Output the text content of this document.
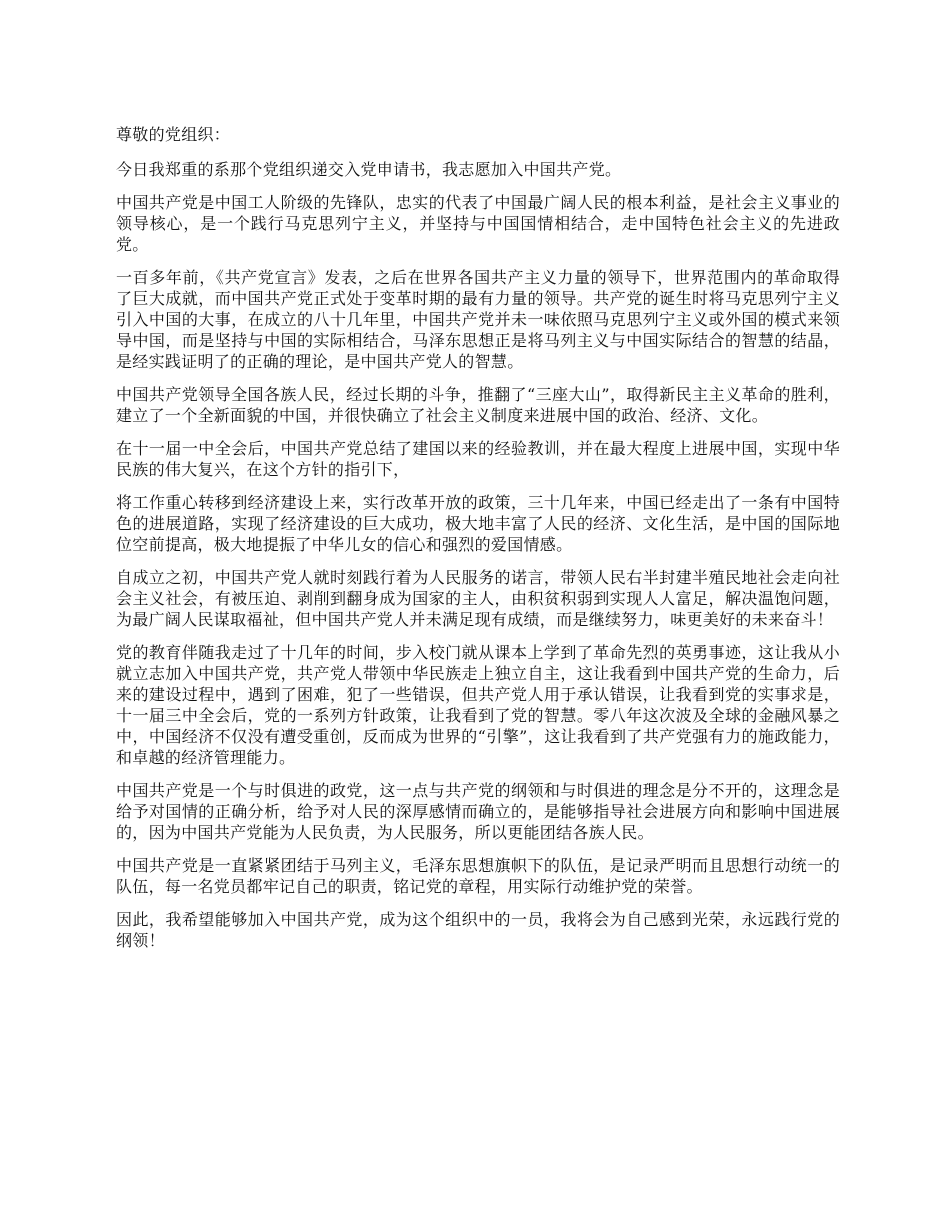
尊敬的党组织：

今日我郑重的系那个党组织递交入党申请书，我志愿加入中国共产党。

中国共产党是中国工人阶级的先锋队，忠实的代表了中国最广阔人民的根本利益，是社会主义事业的领导核心，是一个践行马克思列宁主义，并坚持与中国国情相结合，走中国特色社会主义的先进政党。

一百多年前，《共产党宣言》发表，之后在世界各国共产主义力量的领导下，世界范围内的革命取得了巨大成就，而中国共产党正式处于变革时期的最有力量的领导。共产党的诞生时将马克思列宁主义引入中国的大事，在成立的八十几年里，中国共产党并未一味依照马克思列宁主义或外国的模式来领导中国，而是坚持与中国的实际相结合，马泽东思想正是将马列主义与中国实际结合的智慧的结晶，是经实践证明了的正确的理论，是中国共产党人的智慧。

中国共产党领导全国各族人民，经过长期的斗争，推翻了“三座大山”，取得新民主主义革命的胜利，建立了一个全新面貌的中国，并很快确立了社会主义制度来进展中国的政治、经济、文化。

在十一届一中全会后，中国共产党总结了建国以来的经验教训，并在最大程度上进展中国，实现中华民族的伟大复兴，在这个方针的指引下，

将工作重心转移到经济建设上来，实行改革开放的政策，三十几年来，中国已经走出了一条有中国特色的进展道路，实现了经济建设的巨大成功，极大地丰富了人民的经济、文化生活，是中国的国际地位空前提高，极大地提振了中华儿女的信心和强烈的爱国情感。

自成立之初，中国共产党人就时刻践行着为人民服务的诺言，带领人民右半封建半殖民地社会走向社会主义社会，有被压迫、剥削到翻身成为国家的主人，由积贫积弱到实现人人富足，解决温饱问题，为最广阔人民谋取福祉，但中国共产党人并未满足现有成绩，而是继续努力，味更美好的未来奋斗！

党的教育伴随我走过了十几年的时间，步入校门就从课本上学到了革命先烈的英勇事迹，这让我从小就立志加入中国共产党，共产党人带领中华民族走上独立自主，这让我看到中国共产党的生命力，后来的建设过程中，遇到了困难，犯了一些错误，但共产党人用于承认错误，让我看到党的实事求是，十一届三中全会后，党的一系列方针政策，让我看到了党的智慧。零八年这次波及全球的金融风暴之中，中国经济不仅没有遭受重创，反而成为世界的“引擎”，这让我看到了共产党强有力的施政能力，和卓越的经济管理能力。

中国共产党是一个与时俱进的政党，这一点与共产党的纲领和与时俱进的理念是分不开的，这理念是给予对国情的正确分析，给予对人民的深厚感情而确立的，是能够指导社会进展方向和影响中国进展的，因为中国共产党能为人民负责，为人民服务，所以更能团结各族人民。

中国共产党是一直紧紧团结于马列主义，毛泽东思想旗帜下的队伍，是记录严明而且思想行动统一的队伍，每一名党员都牢记自己的职责，铭记党的章程，用实际行动维护党的荣誉。

因此，我希望能够加入中国共产党，成为这个组织中的一员，我将会为自己感到光荣，永远践行党的纲领！
